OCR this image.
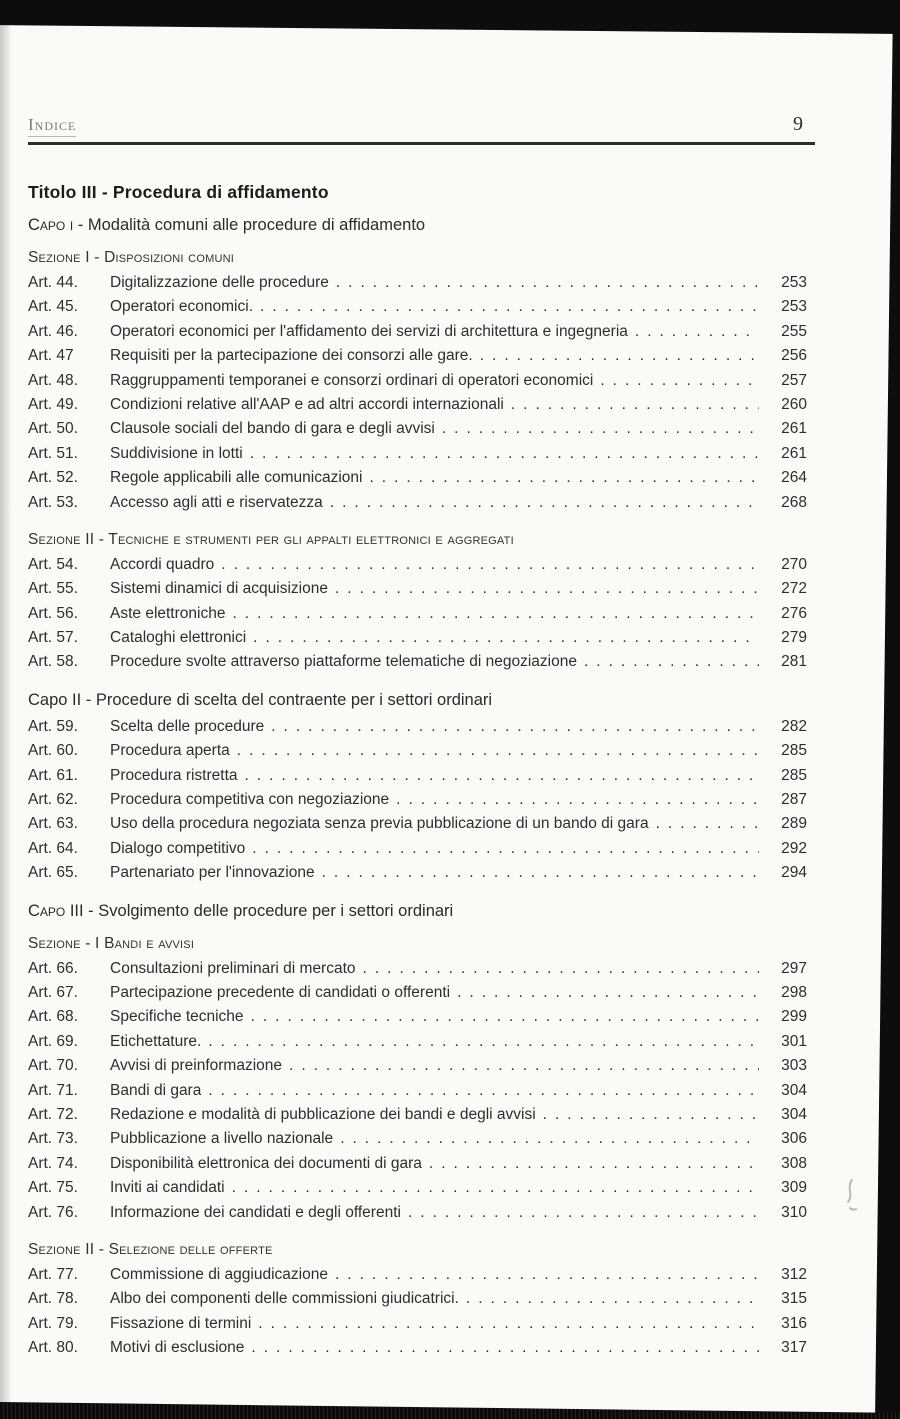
Indice	9
Titolo III - Procedura di affidamento
Capo i - Modalità comuni alle procedure di affidamento
Sezione I - Disposizioni comuni
Art. 44.	Digitalizzazione delle procedure .....	253
Art. 45.	Operatori economici. .....	253
Art. 46.	Operatori economici per l'affidamento dei servizi di architettura e ingegneria .....	255
Art. 47	Requisiti per la partecipazione dei consorzi alle gare. .....	256
Art. 48.	Raggruppamenti temporanei e consorzi ordinari di operatori economici .....	257
Art. 49.	Condizioni relative all'AAP e ad altri accordi internazionali .....	260
Art. 50.	Clausole sociali del bando di gara e degli avvisi .....	261
Art. 51.	Suddivisione in lotti .....	261
Art. 52.	Regole applicabili alle comunicazioni .....	264
Art. 53.	Accesso agli atti e riservatezza .....	268
Sezione II - Tecniche e strumenti per gli appalti elettronici e aggregati
Art. 54.	Accordi quadro .....	270
Art. 55.	Sistemi dinamici di acquisizione .....	272
Art. 56.	Aste elettroniche .....	276
Art. 57.	Cataloghi elettronici .....	279
Art. 58.	Procedure svolte attraverso piattaforme telematiche di negoziazione .....	281
Capo II - Procedure di scelta del contraente per i settori ordinari
Art. 59.	Scelta delle procedure .....	282
Art. 60.	Procedura aperta .....	285
Art. 61.	Procedura ristretta .....	285
Art. 62.	Procedura competitiva con negoziazione .....	287
Art. 63.	Uso della procedura negoziata senza previa pubblicazione di un bando di gara .....	289
Art. 64.	Dialogo competitivo .....	292
Art. 65.	Partenariato per l'innovazione .....	294
Capo III - Svolgimento delle procedure per i settori ordinari
Sezione - I Bandi e avvisi
Art. 66.	Consultazioni preliminari di mercato .....	297
Art. 67.	Partecipazione precedente di candidati o offerenti .....	298
Art. 68.	Specifiche tecniche .....	299
Art. 69.	Etichettature. .....	301
Art. 70.	Avvisi di preinformazione .....	303
Art. 71.	Bandi di gara .....	304
Art. 72.	Redazione e modalità di pubblicazione dei bandi e degli avvisi .....	304
Art. 73.	Pubblicazione a livello nazionale .....	306
Art. 74.	Disponibilità elettronica dei documenti di gara .....	308
Art. 75.	Inviti ai candidati .....	309
Art. 76.	Informazione dei candidati e degli offerenti .....	310
Sezione II - Selezione delle offerte
Art. 77.	Commissione di aggiudicazione .....	312
Art. 78.	Albo dei componenti delle commissioni giudicatrici. .....	315
Art. 79.	Fissazione di termini .....	316
Art. 80.	Motivi di esclusione .....	317
